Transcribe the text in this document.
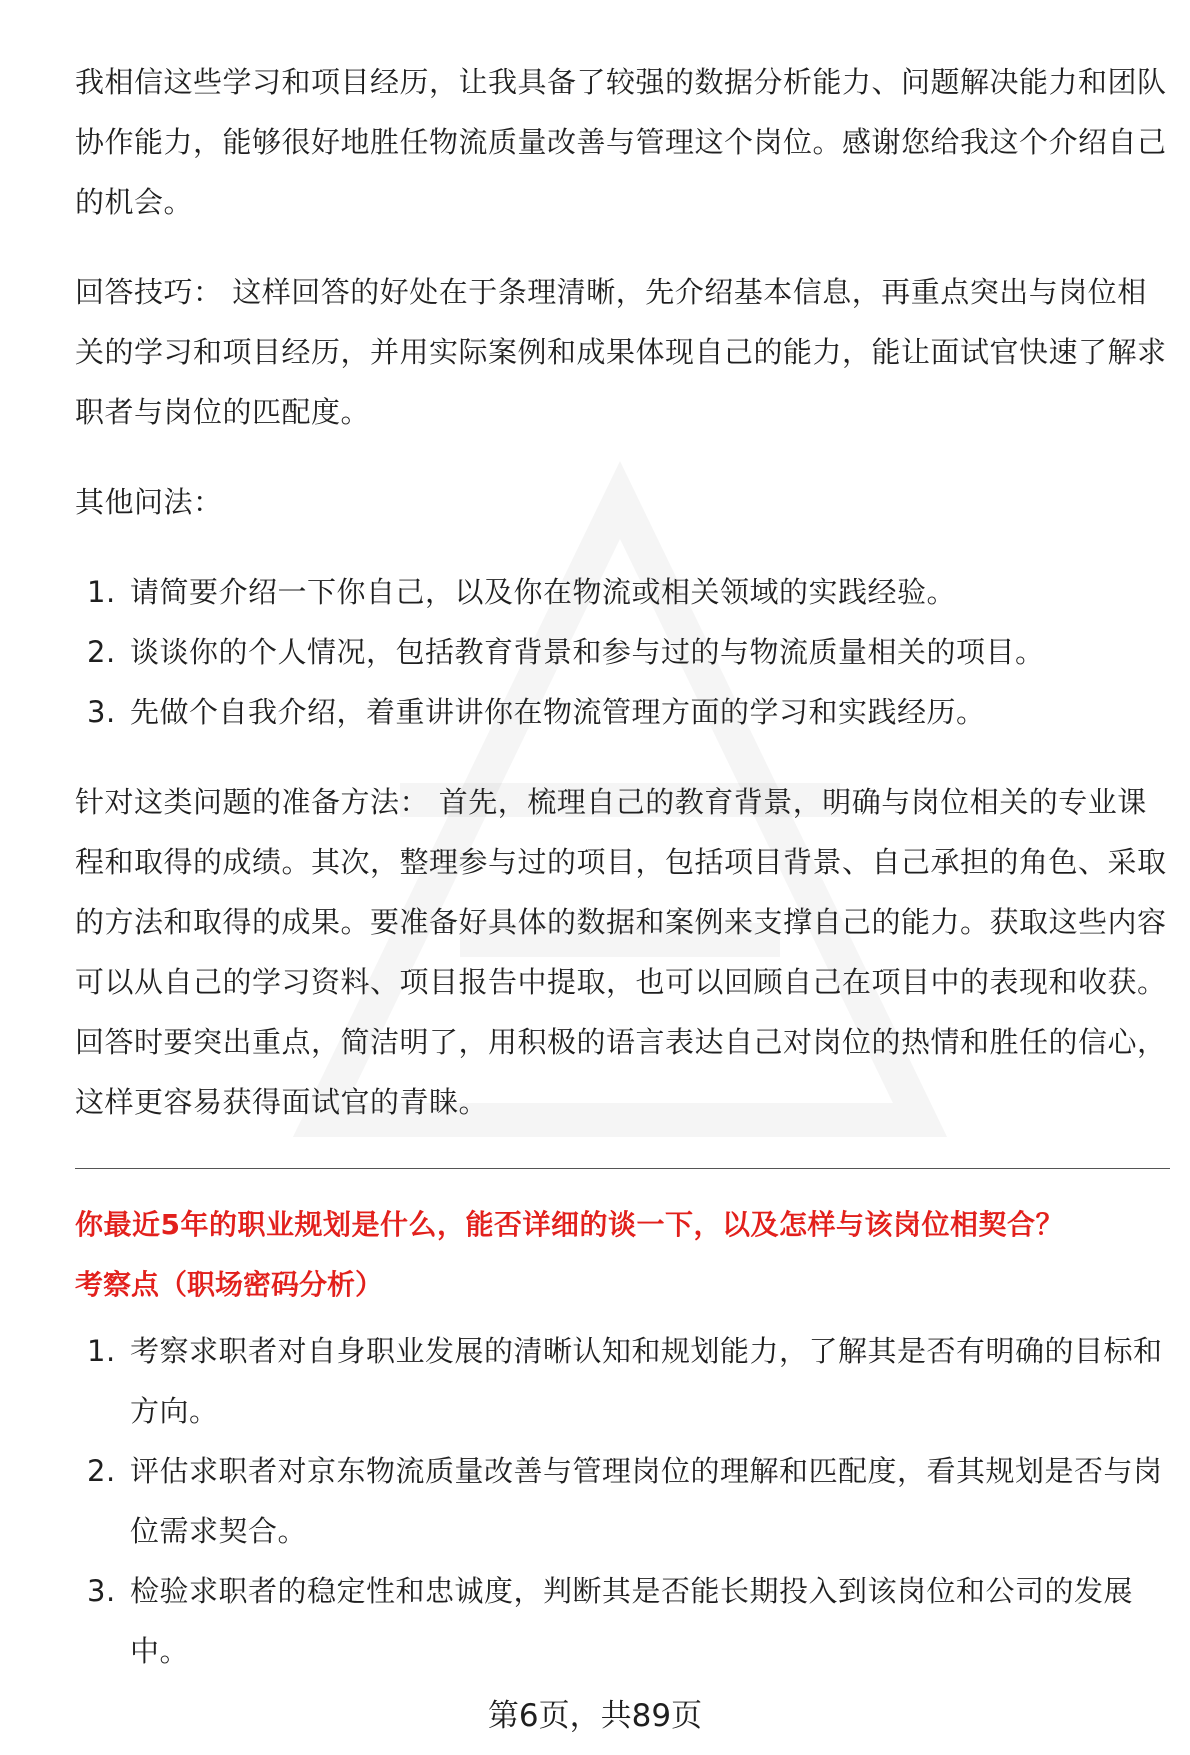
我相信这些学习和项目经历，让我具备了较强的数据分析能力、问题解决能力和团队协作能力，能够很好地胜任物流质量改善与管理这个岗位。感谢您给我这个介绍自己的机会。

回答技巧： 这样回答的好处在于条理清晰，先介绍基本信息，再重点突出与岗位相关的学习和项目经历，并用实际案例和成果体现自己的能力，能让面试官快速了解求职者与岗位的匹配度。

其他问法：

1. 请简要介绍一下你自己，以及你在物流或相关领域的实践经验。
2. 谈谈你的个人情况，包括教育背景和参与过的与物流质量相关的项目。
3. 先做个自我介绍，着重讲讲你在物流管理方面的学习和实践经历。

针对这类问题的准备方法： 首先，梳理自己的教育背景，明确与岗位相关的专业课程和取得的成绩。其次，整理参与过的项目，包括项目背景、自己承担的角色、采取的方法和取得的成果。要准备好具体的数据和案例来支撑自己的能力。获取这些内容可以从自己的学习资料、项目报告中提取，也可以回顾自己在项目中的表现和收获。回答时要突出重点，简洁明了，用积极的语言表达自己对岗位的热情和胜任的信心，这样更容易获得面试官的青睐。

你最近5年的职业规划是什么，能否详细的谈一下，以及怎样与该岗位相契合？

考察点（职场密码分析）

1. 考察求职者对自身职业发展的清晰认知和规划能力，了解其是否有明确的目标和方向。
2. 评估求职者对京东物流质量改善与管理岗位的理解和匹配度，看其规划是否与岗位需求契合。
3. 检验求职者的稳定性和忠诚度，判断其是否能长期投入到该岗位和公司的发展中。
第6页，共89页
